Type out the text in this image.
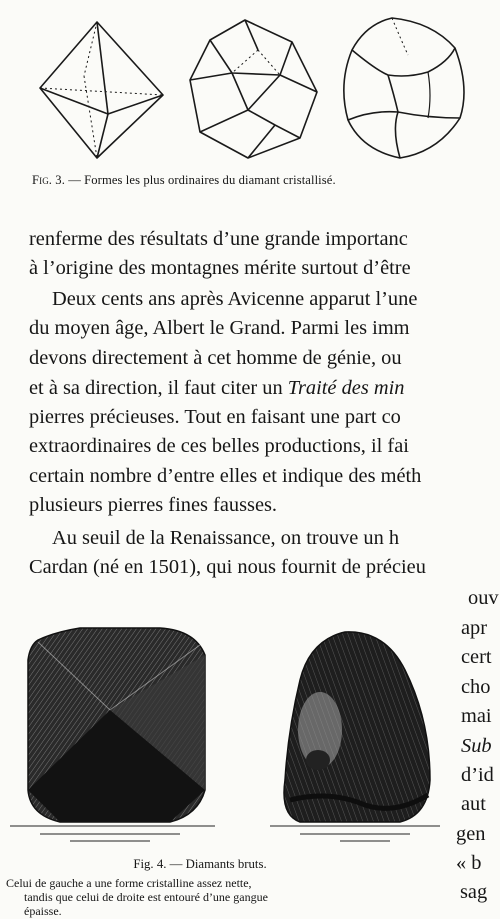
Fig. 3. — Formes les plus ordinaires du diamant cristallisé.
renferme des résultats d’une grande importanc
à l’origine des montagnes mérite surtout d’être
Deux cents ans après Avicenne apparut l’une
du moyen âge, Albert le Grand. Parmi les imm
devons directement à cet homme de génie, ou
et à sa direction, il faut citer un Traité des min
pierres précieuses. Tout en faisant une part co
extraordinaires de ces belles productions, il fai
certain nombre d’entre elles et indique des méth
plusieurs pierres fines fausses.
Au seuil de la Renaissance, on trouve un h
Cardan (né en 1501), qui nous fournit de précieu
Fig. 4. — Diamants bruts.
Celui de gauche a une forme cristalline assez nette,
tandis que celui de droite est entouré d’une gangue
épaisse.
ouv
apr
cert
cho
mai
Sub
d’id
aut
gen
« b
sag
